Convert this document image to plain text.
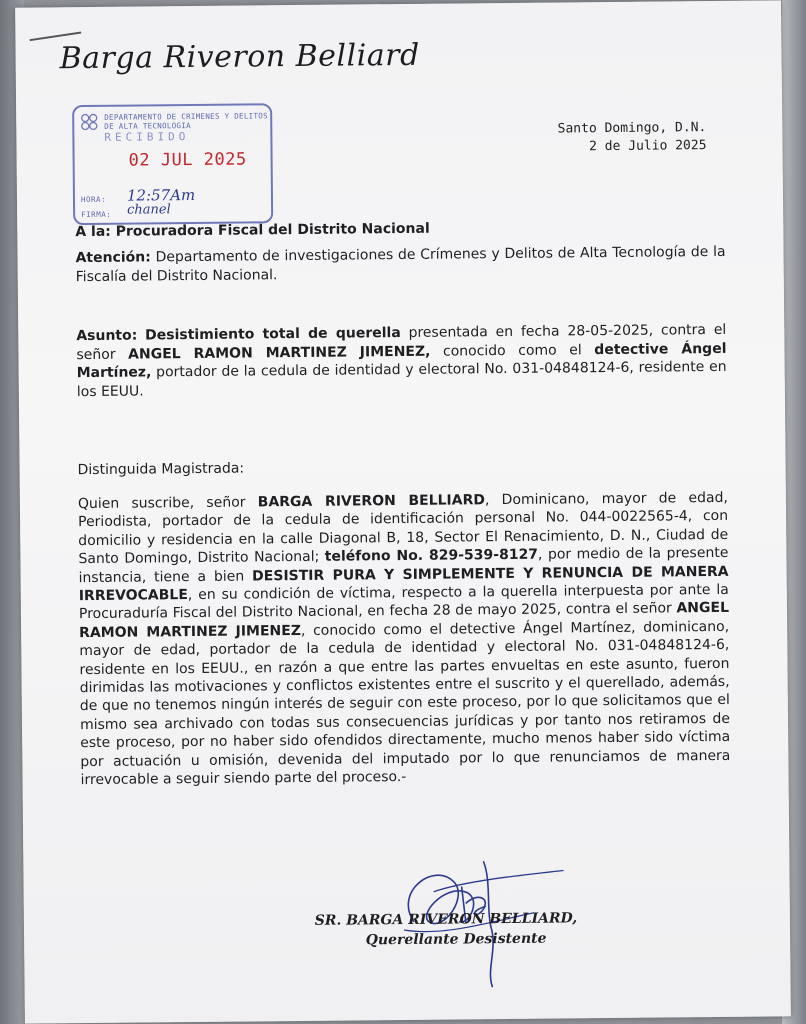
Barga Riveron Belliard
DEPARTAMENTO DE CRIMENES Y DELITOS
DE ALTA TECNOLOGIA
RECIBIDO
02 JUL 2025
HORA: 12:57Am
FIRMA: chanel
Santo Domingo, D.N.
2 de Julio 2025
A la: Procuradora Fiscal del Distrito Nacional
Atención: Departamento de investigaciones de Crímenes y Delitos de Alta Tecnología de la Fiscalía del Distrito Nacional.
Asunto: Desistimiento total de querella presentada en fecha 28-05-2025, contra el señor ANGEL RAMON MARTINEZ JIMENEZ, conocido como el detective Ángel Martínez, portador de la cedula de identidad y electoral No. 031-04848124-6, residente en los EEUU.
Distinguida Magistrada:
Quien suscribe, señor BARGA RIVERON BELLIARD, Dominicano, mayor de edad, Periodista, portador de la cedula de identificación personal No. 044-0022565-4, con domicilio y residencia en la calle Diagonal B, 18, Sector El Renacimiento, D. N., Ciudad de Santo Domingo, Distrito Nacional; teléfono No. 829-539-8127, por medio de la presente instancia, tiene a bien DESISTIR PURA Y SIMPLEMENTE Y RENUNCIA DE MANERA IRREVOCABLE, en su condición de víctima, respecto a la querella interpuesta por ante la Procuraduría Fiscal del Distrito Nacional, en fecha 28 de mayo 2025, contra el señor ANGEL RAMON MARTINEZ JIMENEZ, conocido como el detective Ángel Martínez, dominicano, mayor de edad, portador de la cedula de identidad y electoral No. 031-04848124-6, residente en los EEUU., en razón a que entre las partes envueltas en este asunto, fueron dirimidas las motivaciones y conflictos existentes entre el suscrito y el querellado, además, de que no tenemos ningún interés de seguir con este proceso, por lo que solicitamos que el mismo sea archivado con todas sus consecuencias jurídicas y por tanto nos retiramos de este proceso, por no haber sido ofendidos directamente, mucho menos haber sido víctima por actuación u omisión, devenida del imputado por lo que renunciamos de manera irrevocable a seguir siendo parte del proceso.-
SR. BARGA RIVERON BELLIARD,
Querellante Desistente
